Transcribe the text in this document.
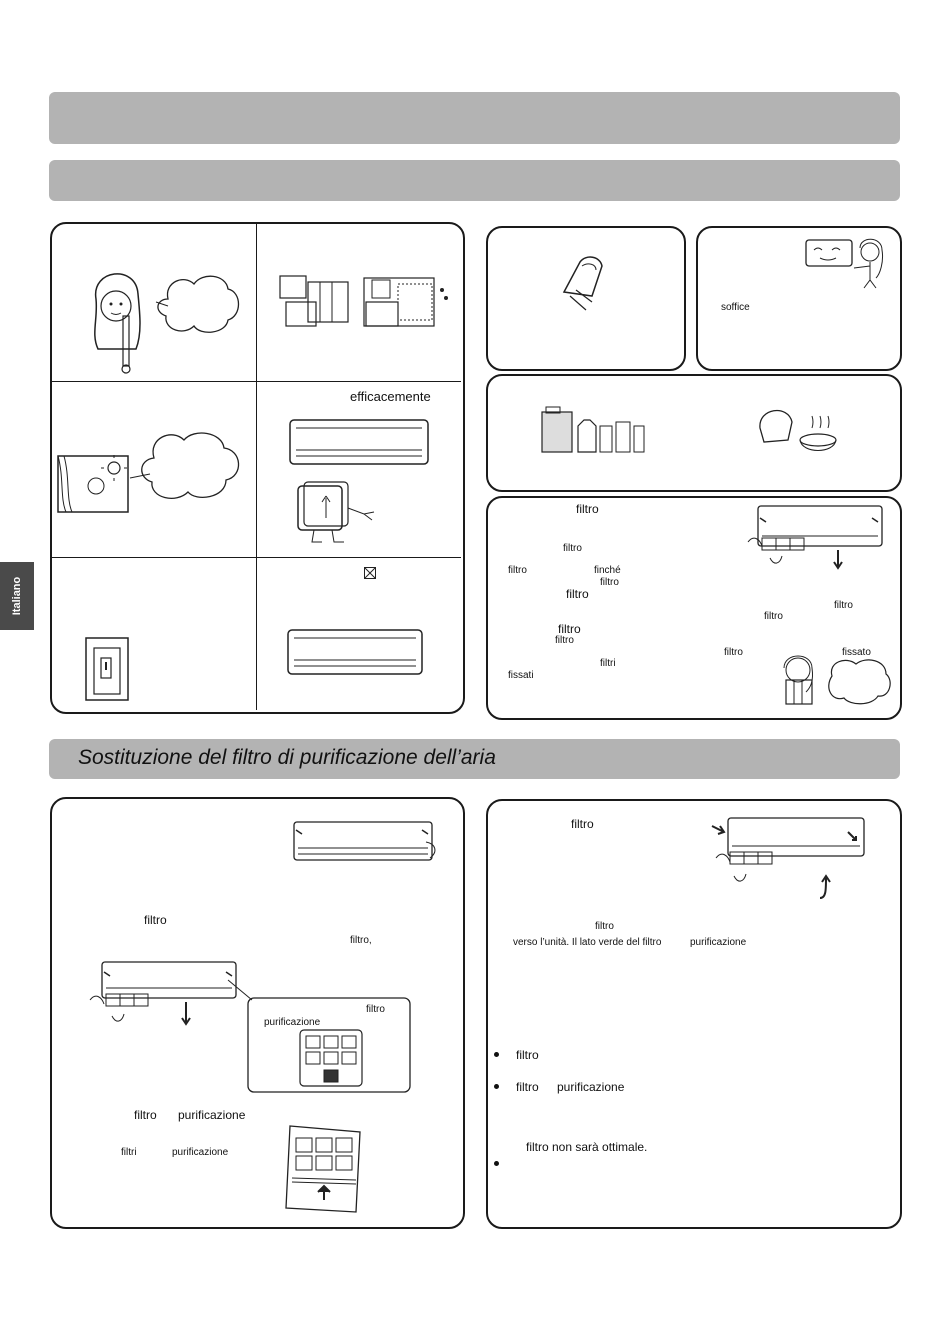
Italiano
efficacemente
soffice
filtro
filtro
filtro	finché
filtro
filtro
filtro
filtro
filtro
filtro
filtro	fissato
filtri
fissati
Sostituzione del filtro di purificazione dell’aria
filtro
filtro,
filtro
purificazione
filtro purificazione
filtri	purificazione
filtro
filtro
verso l’unità. Il lato verde del filtro	purificazione
filtro
filtro purificazione
filtro non sarà ottimale.
